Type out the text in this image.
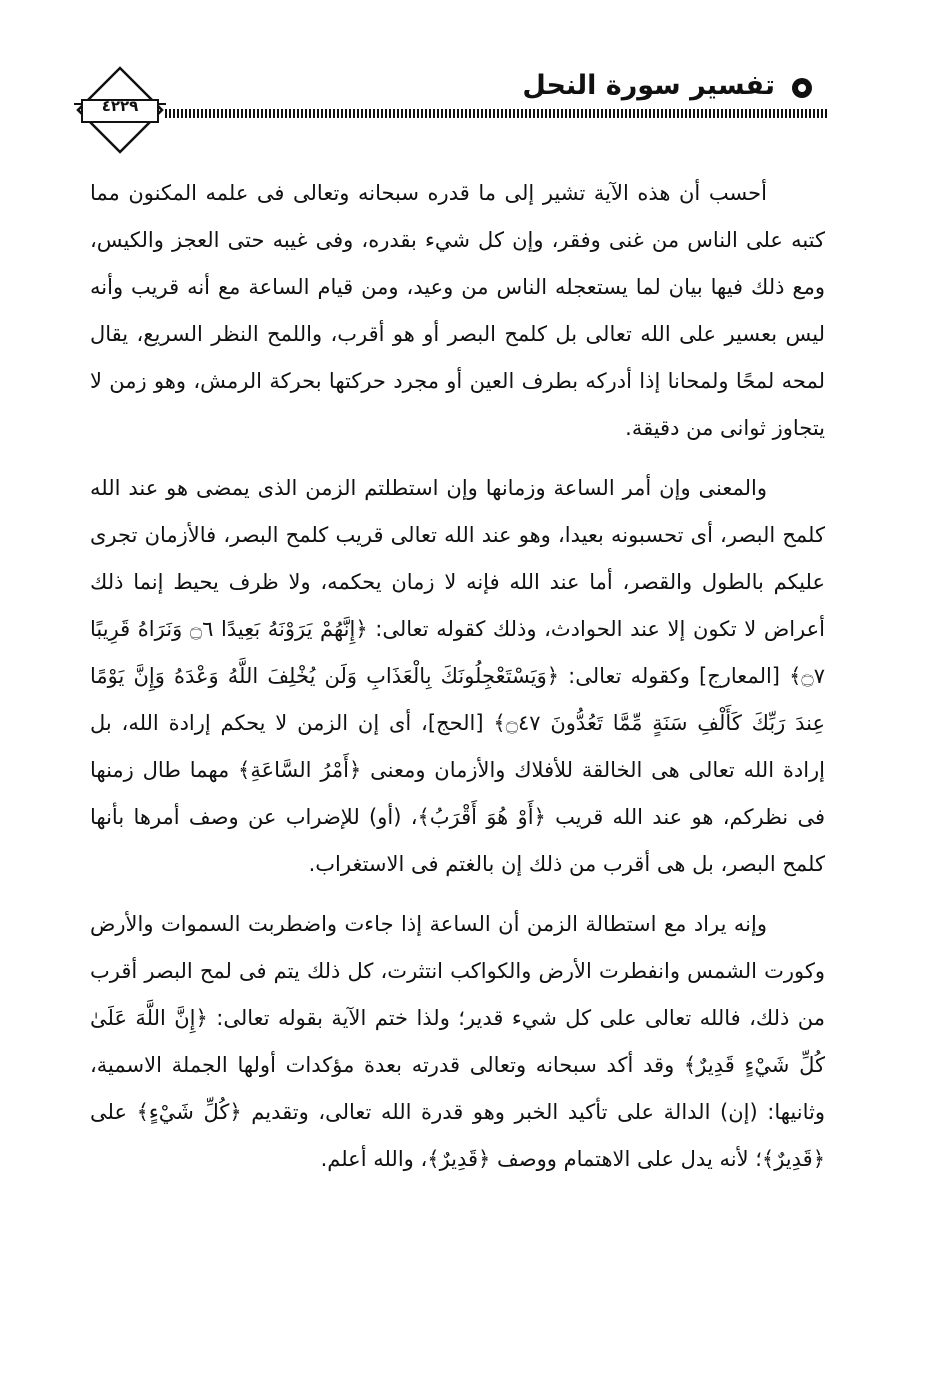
٤٢٢٩
تفسير سورة النحل

أحسب أن هذه الآية تشير إلى ما قدره سبحانه وتعالى فى علمه المكنون مما كتبه على الناس من غنى وفقر، وإن كل شيء بقدره، وفى غيبه حتى العجز والكيس، ومع ذلك فيها بيان لما يستعجله الناس من وعيد، ومن قيام الساعة مع أنه قريب وأنه ليس بعسير على الله تعالى بل كلمح البصر أو هو أقرب، واللمح النظر السريع، يقال لمحه لمحًا ولمحانا إذا أدركه بطرف العين أو مجرد حركتها بحركة الرمش، وهو زمن لا يتجاوز ثوانى من دقيقة.

والمعنى وإن أمر الساعة وزمانها وإن استطلتم الزمن الذى يمضى هو عند الله كلمح البصر، أى تحسبونه بعيدا، وهو عند الله تعالى قريب كلمح البصر، فالأزمان تجرى عليكم بالطول والقصر، أما عند الله فإنه لا زمان يحكمه، ولا ظرف يحيط إنما ذلك أعراض لا تكون إلا عند الحوادث، وذلك كقوله تعالى: ﴿إِنَّهُمْ يَرَوْنَهُ بَعِيدًا ۝٦ وَنَرَاهُ قَرِيبًا ۝٧﴾ [المعارج] وكقوله تعالى: ﴿وَيَسْتَعْجِلُونَكَ بِالْعَذَابِ وَلَن يُخْلِفَ اللَّهُ وَعْدَهُ وَإِنَّ يَوْمًا عِندَ رَبِّكَ كَأَلْفِ سَنَةٍ مِّمَّا تَعُدُّونَ ۝٤٧﴾ [الحج]، أى إن الزمن لا يحكم إرادة الله، بل إرادة الله تعالى هى الخالقة للأفلاك والأزمان ومعنى ﴿أَمْرُ السَّاعَةِ﴾ مهما طال زمنها فى نظركم، هو عند الله قريب ﴿أَوْ هُوَ أَقْرَبُ﴾، (أو) للإضراب عن وصف أمرها بأنها كلمح البصر، بل هى أقرب من ذلك إن بالغتم فى الاستغراب.

وإنه يراد مع استطالة الزمن أن الساعة إذا جاءت واضطربت السموات والأرض وكورت الشمس وانفطرت الأرض والكواكب انتثرت، كل ذلك يتم فى لمح البصر أقرب من ذلك، فالله تعالى على كل شيء قدير؛ ولذا ختم الآية بقوله تعالى: ﴿إِنَّ اللَّهَ عَلَىٰ كُلِّ شَيْءٍ قَدِيرٌ﴾ وقد أكد سبحانه وتعالى قدرته بعدة مؤكدات أولها الجملة الاسمية، وثانيها: (إن) الدالة على تأكيد الخبر وهو قدرة الله تعالى، وتقديم ﴿كُلِّ شَيْءٍ﴾ على ﴿قَدِيرٌ﴾؛ لأنه يدل على الاهتمام ووصف ﴿قَدِيرٌ﴾، والله أعلم.
